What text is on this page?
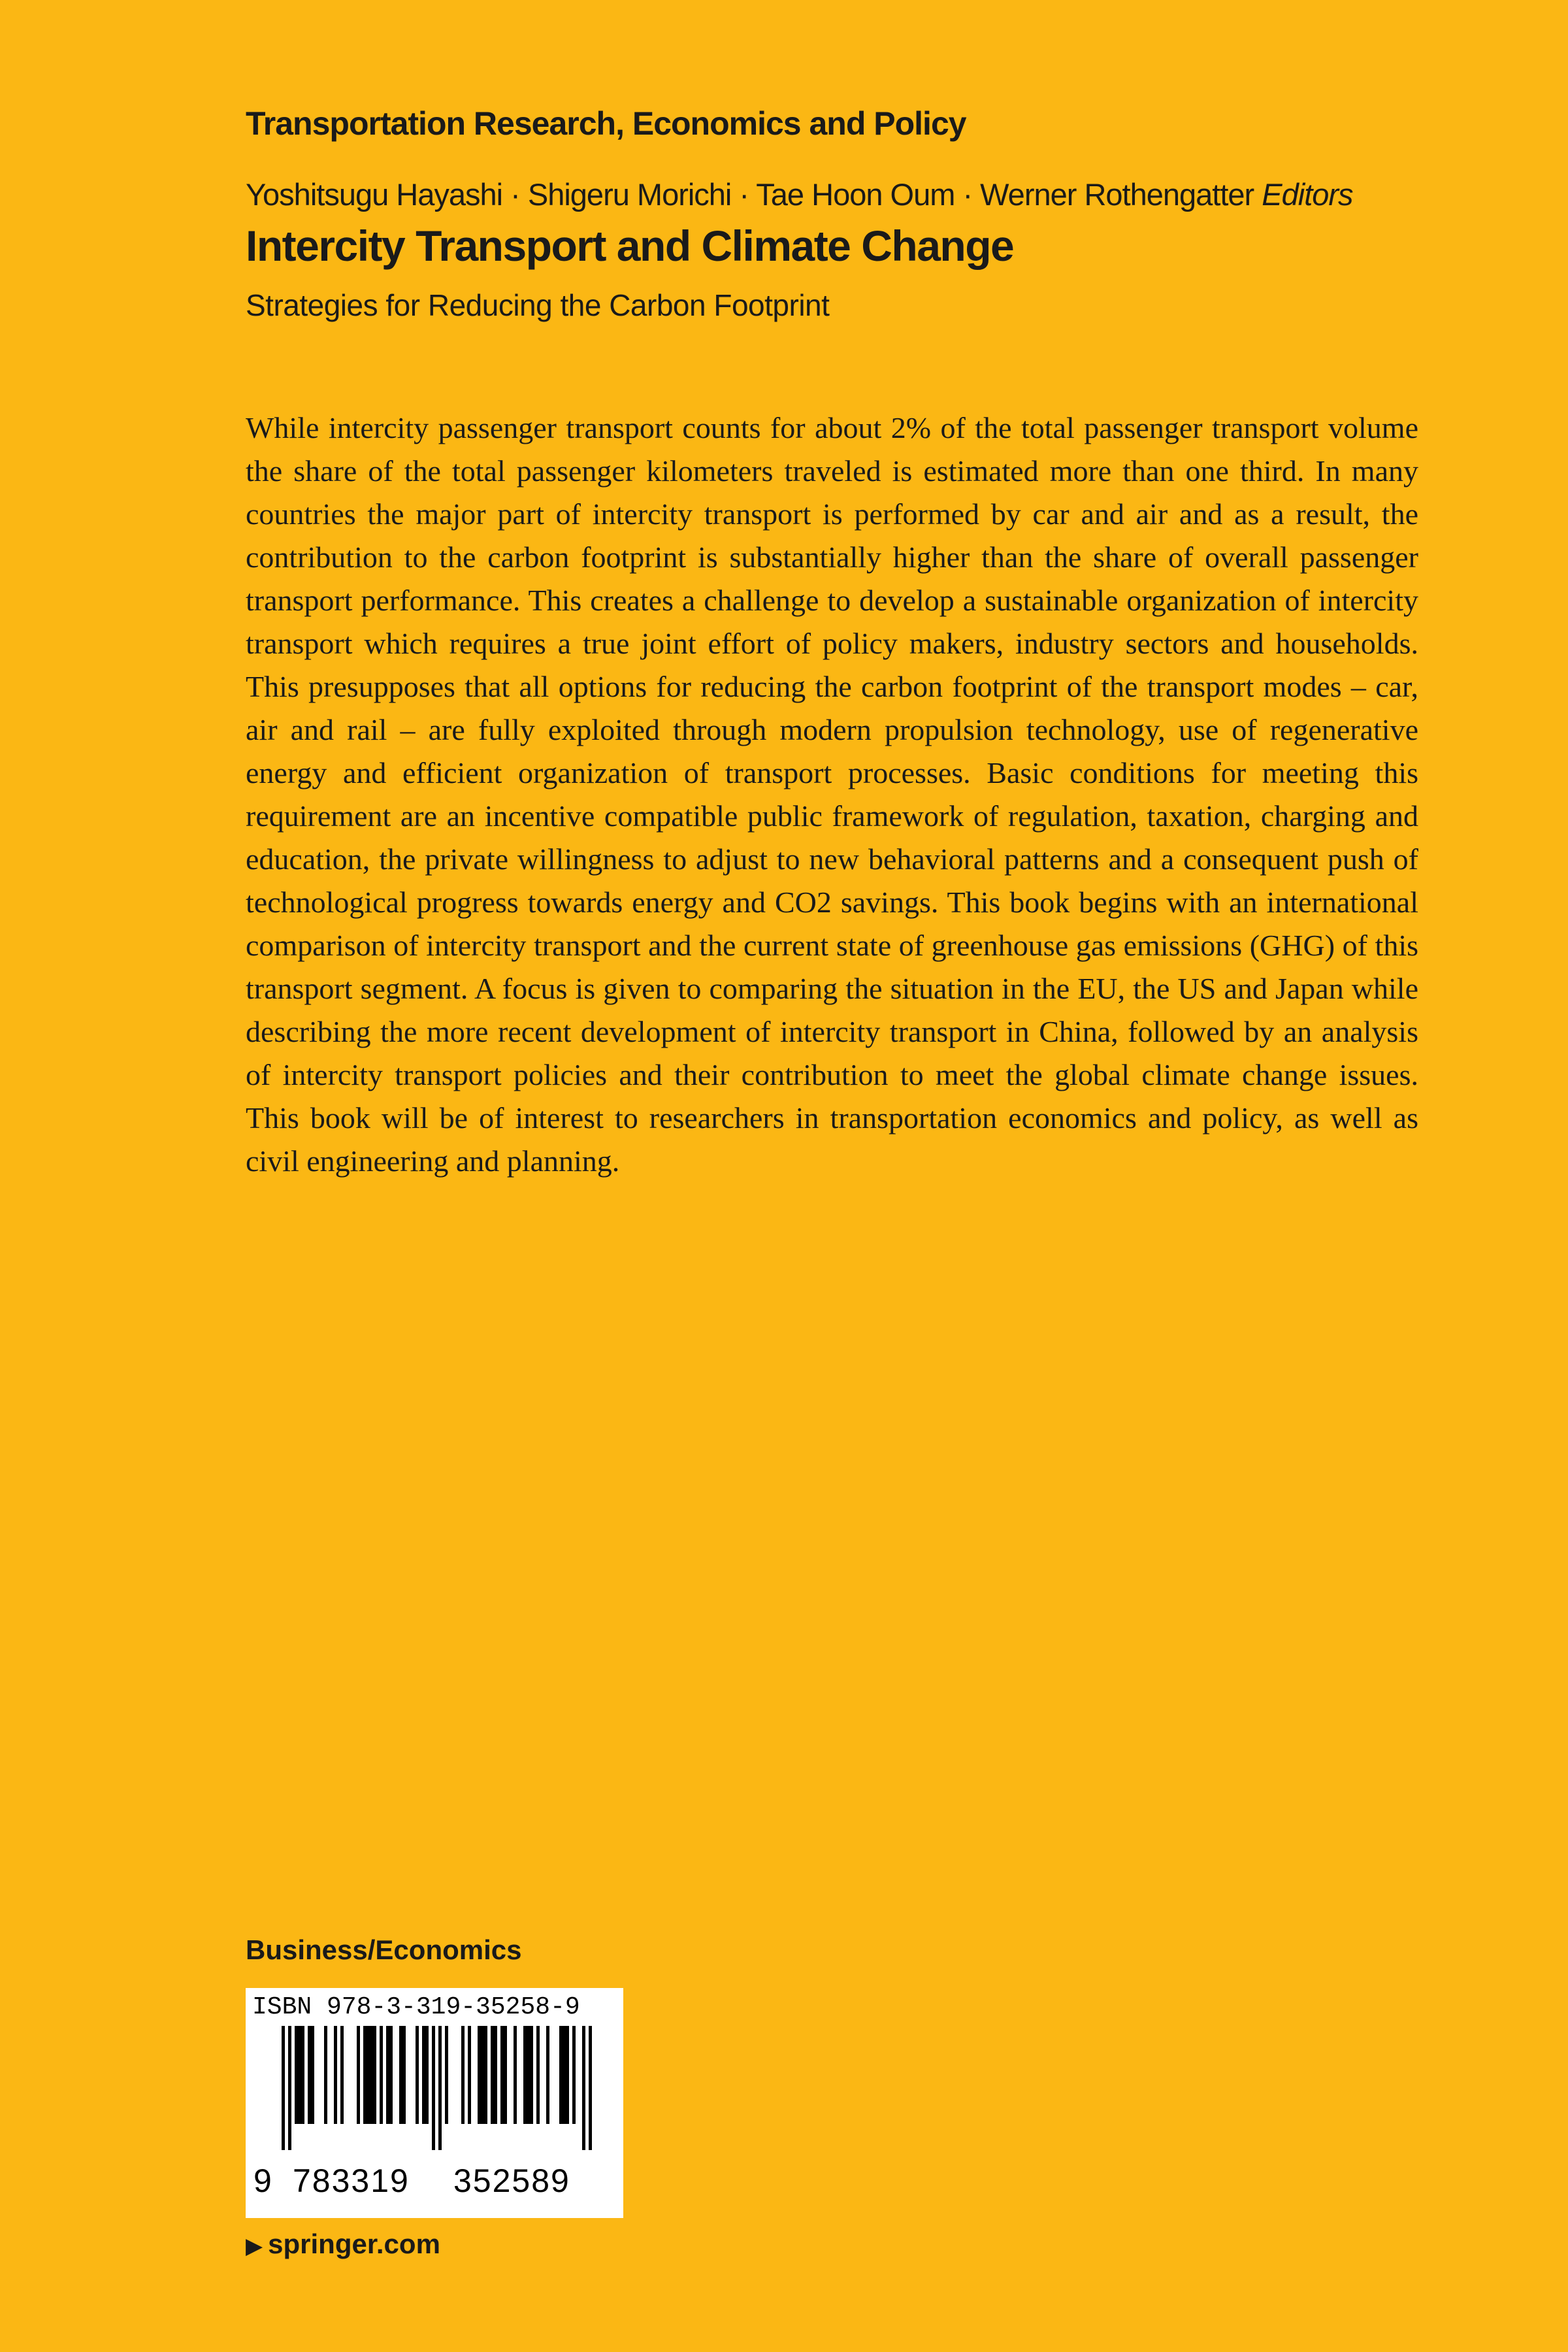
Transportation Research, Economics and Policy
Yoshitsugu Hayashi · Shigeru Morichi · Tae Hoon Oum · Werner Rothengatter Editors
Intercity Transport and Climate Change
Strategies for Reducing the Carbon Footprint

While intercity passenger transport counts for about 2% of the total passenger transport volume the share of the total passenger kilometers traveled is estimated more than one third. In many countries the major part of intercity transport is performed by car and air and as a result, the contribution to the carbon footprint is substantially higher than the share of overall passenger transport performance. This creates a challenge to develop a sustainable organization of intercity transport which requires a true joint effort of policy makers, industry sectors and households. This presupposes that all options for reducing the carbon footprint of the transport modes – car, air and rail – are fully exploited through modern propulsion technology, use of regenerative energy and efficient organization of transport processes. Basic conditions for meeting this requirement are an incentive compatible public framework of regulation, taxation, charging and education, the private willingness to adjust to new behavioral patterns and a consequent push of technological progress towards energy and CO2 savings. This book begins with an international comparison of intercity transport and the current state of greenhouse gas emissions (GHG) of this transport segment. A focus is given to comparing the situation in the EU, the US and Japan while describing the more recent development of intercity transport in China, followed by an analysis of intercity transport policies and their contribution to meet the global climate change issues. This book will be of interest to researchers in transportation economics and policy, as well as civil engineering and planning.

Business/Economics
ISBN 978-3-319-35258-9
9 783319 352589
▶ springer.com
